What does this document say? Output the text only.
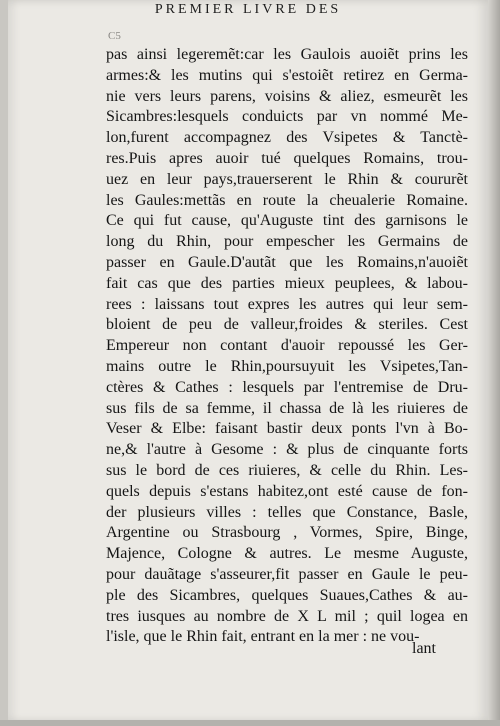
PREMIER LIVRE DES
C5
pas ainsi legeremẽt:car les Gaulois auoiẽt prins les
armes:& les mutins qui s'estoiẽt retirez en Germa-
nie vers leurs parens, voisins & aliez, esmeurẽt les
Sicambres:lesquels conduicts par vn nommé Me-
lon,furent accompagnez des Vsipetes & Tanctè-
res.Puis apres auoir tué quelques Romains, trou-
uez en leur pays,trauerserent le Rhin & coururẽt
les Gaules:mettãs en route la cheualerie Romaine.
Ce qui fut cause, qu'Auguste tint des garnisons le
long du Rhin, pour empescher les Germains de
passer en Gaule.D'autãt que les Romains,n'auoiẽt
fait cas que des parties mieux peuplees, & labou-
rees : laissans tout expres les autres qui leur sem-
bloient de peu de valleur,froides & steriles. Cest
Empereur non contant d'auoir repoussé les Ger-
mains outre le Rhin,poursuyuit les Vsipetes,Tan-
ctères & Cathes : lesquels par l'entremise de Dru-
sus fils de sa femme, il chassa de là les riuieres de
Veser & Elbe: faisant bastir deux ponts l'vn à Bo-
ne,& l'autre à Gesome : & plus de cinquante forts
sus le bord de ces riuieres, & celle du Rhin. Les-
quels depuis s'estans habitez,ont esté cause de fon-
der plusieurs villes : telles que Constance, Basle,
Argentine ou Strasbourg , Vormes, Spire, Binge,
Majence, Cologne & autres. Le mesme Auguste,
pour dauãtage s'asseurer,fit passer en Gaule le peu-
ple des Sicambres, quelques Suaues,Cathes & au-
tres iusques au nombre de X L mil ; quil logea en
l'isle, que le Rhin fait, entrant en la mer : ne vou-
lant
